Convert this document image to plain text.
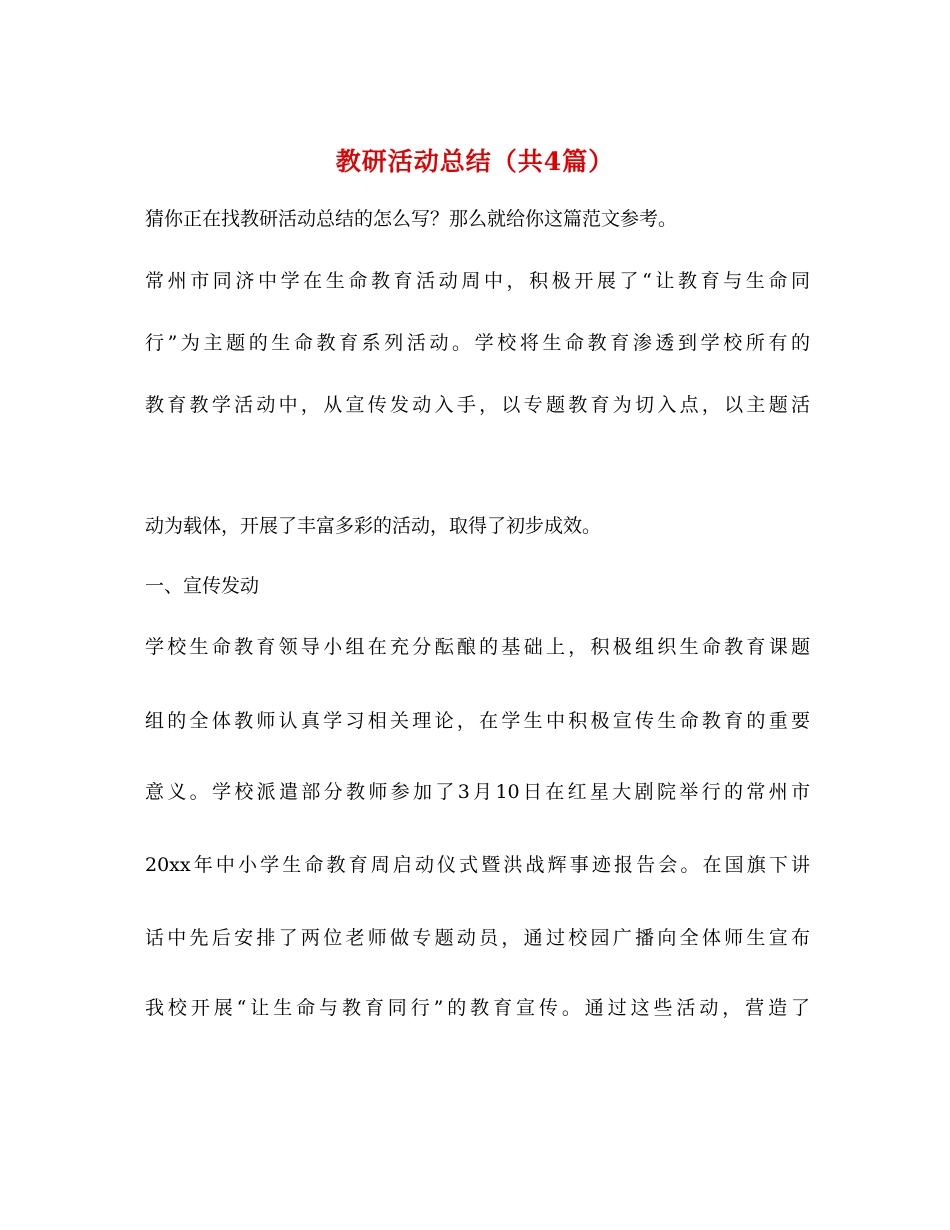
教研活动总结（共4篇）
猜你正在找教研活动总结的怎么写？那么就给你这篇范文参考。
常州市同济中学在生命教育活动周中，积极开展了“让教育与生命同
行”为主题的生命教育系列活动。学校将生命教育渗透到学校所有的
教育教学活动中，从宣传发动入手，以专题教育为切入点，以主题活
动为载体，开展了丰富多彩的活动，取得了初步成效。
一、宣传发动
学校生命教育领导小组在充分酝酿的基础上，积极组织生命教育课题
组的全体教师认真学习相关理论，在学生中积极宣传生命教育的重要
意义。学校派遣部分教师参加了3月10日在红星大剧院举行的常州市
20xx年中小学生命教育周启动仪式暨洪战辉事迹报告会。在国旗下讲
话中先后安排了两位老师做专题动员，通过校园广播向全体师生宣布
我校开展“让生命与教育同行”的教育宣传。通过这些活动，营造了
